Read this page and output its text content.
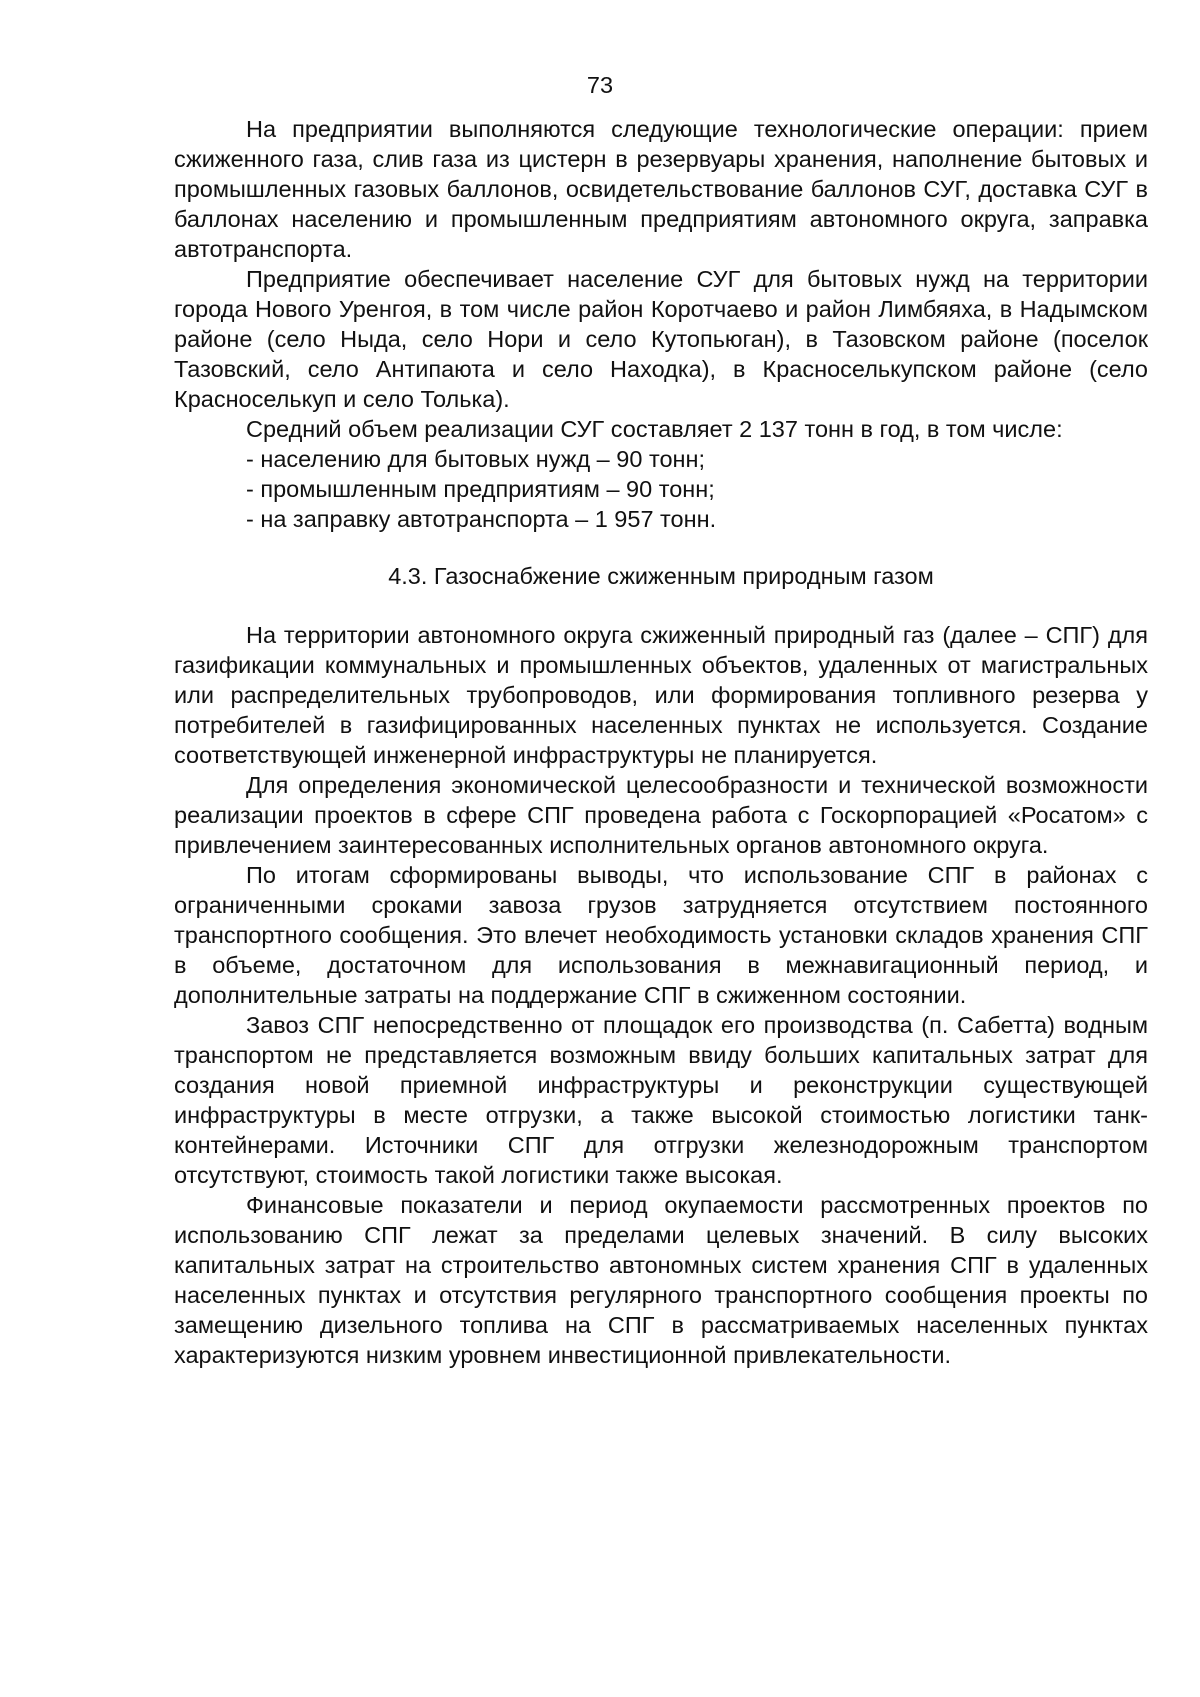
73

На предприятии выполняются следующие технологические операции: прием сжиженного газа, слив газа из цистерн в резервуары хранения, наполнение бытовых и промышленных газовых баллонов, освидетельствование баллонов СУГ, доставка СУГ в баллонах населению и промышленным предприятиям автономного округа, заправка автотранспорта.

Предприятие обеспечивает население СУГ для бытовых нужд на территории города Нового Уренгоя, в том числе район Коротчаево и район Лимбяяха, в Надымском районе (село Ныда, село Нори и село Кутопьюган), в Тазовском районе (поселок Тазовский, село Антипаюта и село Находка), в Красноселькупском районе (село Красноселькуп и село Толька).

Средний объем реализации СУГ составляет 2 137 тонн в год, в том числе:

- населению для бытовых нужд – 90 тонн;

- промышленным предприятиям – 90 тонн;

- на заправку автотранспорта – 1 957 тонн.

4.3. Газоснабжение сжиженным природным газом

На территории автономного округа сжиженный природный газ (далее – СПГ) для газификации коммунальных и промышленных объектов, удаленных от магистральных или распределительных трубопроводов, или формирования топливного резерва у потребителей в газифицированных населенных пунктах не используется. Создание соответствующей инженерной инфраструктуры не планируется.

Для определения экономической целесообразности и технической возможности реализации проектов в сфере СПГ проведена работа с Госкорпорацией «Росатом» с привлечением заинтересованных исполнительных органов автономного округа.

По итогам сформированы выводы, что использование СПГ в районах с ограниченными сроками завоза грузов затрудняется отсутствием постоянного транспортного сообщения. Это влечет необходимость установки складов хранения СПГ в объеме, достаточном для использования в межнавигационный период, и дополнительные затраты на поддержание СПГ в сжиженном состоянии.

Завоз СПГ непосредственно от площадок его производства (п. Сабетта) водным транспортом не представляется возможным ввиду больших капитальных затрат для создания новой приемной инфраструктуры и реконструкции существующей инфраструктуры в месте отгрузки, а также высокой стоимостью логистики танк-контейнерами. Источники СПГ для отгрузки железнодорожным транспортом отсутствуют, стоимость такой логистики также высокая.

Финансовые показатели и период окупаемости рассмотренных проектов по использованию СПГ лежат за пределами целевых значений. В силу высоких капитальных затрат на строительство автономных систем хранения СПГ в удаленных населенных пунктах и отсутствия регулярного транспортного сообщения проекты по замещению дизельного топлива на СПГ в рассматриваемых населенных пунктах характеризуются низким уровнем инвестиционной привлекательности.
